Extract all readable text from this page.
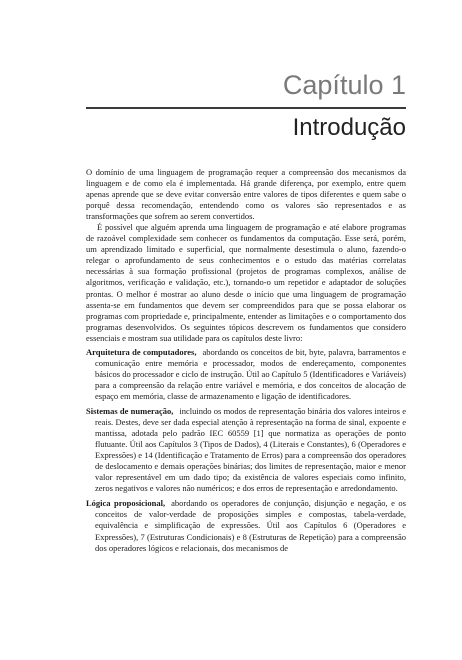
Capítulo 1
Introdução

O domínio de uma linguagem de programação requer a compreensão dos mecanismos da linguagem e de como ela é implementada. Há grande diferença, por exemplo, entre quem apenas aprende que se deve evitar conversão entre valores de tipos diferentes e quem sabe o porquê dessa recomendação, entendendo como os valores são representados e as transformações que sofrem ao serem convertidos.

É possível que alguém aprenda uma linguagem de programação e até elabore programas de razoável complexidade sem conhecer os fundamentos da computação. Esse será, porém, um aprendizado limitado e superficial, que normalmente desestimula o aluno, fazendo-o relegar o aprofundamento de seus conhecimentos e o estudo das matérias correlatas necessárias à sua formação profissional (projetos de programas complexos, análise de algoritmos, verificação e validação, etc.), tornando-o um repetidor e adaptador de soluções prontas. O melhor é mostrar ao aluno desde o início que uma linguagem de programação assenta-se em fundamentos que devem ser compreendidos para que se possa elaborar os programas com propriedade e, principalmente, entender as limitações e o comportamento dos programas desenvolvidos. Os seguintes tópicos descrevem os fundamentos que considero essenciais e mostram sua utilidade para os capítulos deste livro:

Arquitetura de computadores, abordando os conceitos de bit, byte, palavra, barramentos e comunicação entre memória e processador, modos de endereçamento, componentes básicos do processador e ciclo de instrução. Útil ao Capítulo 5 (Identificadores e Variáveis) para a compreensão da relação entre variável e memória, e dos conceitos de alocação de espaço em memória, classe de armazenamento e ligação de identificadores.
Sistemas de numeração, incluindo os modos de representação binária dos valores inteiros e reais. Destes, deve ser dada especial atenção à representação na forma de sinal, expoente e mantissa, adotada pelo padrão IEC 60559 [1] que normatiza as operações de ponto flutuante. Útil aos Capítulos 3 (Tipos de Dados), 4 (Literais e Constantes), 6 (Operadores e Expressões) e 14 (Identificação e Tratamento de Erros) para a compreensão dos operadores de deslocamento e demais operações binárias; dos limites de representação, maior e menor valor representável em um dado tipo; da existência de valores especiais como infinito, zeros negativos e valores não numéricos; e dos erros de representação e arredondamento.
Lógica proposicional, abordando os operadores de conjunção, disjunção e negação, e os conceitos de valor-verdade de proposições simples e compostas, tabela-verdade, equivalência e simplificação de expressões. Útil aos Capítulos 6 (Operadores e Expressões), 7 (Estruturas Condicionais) e 8 (Estruturas de Repetição) para a compreensão dos operadores lógicos e relacionais, dos mecanismos de
